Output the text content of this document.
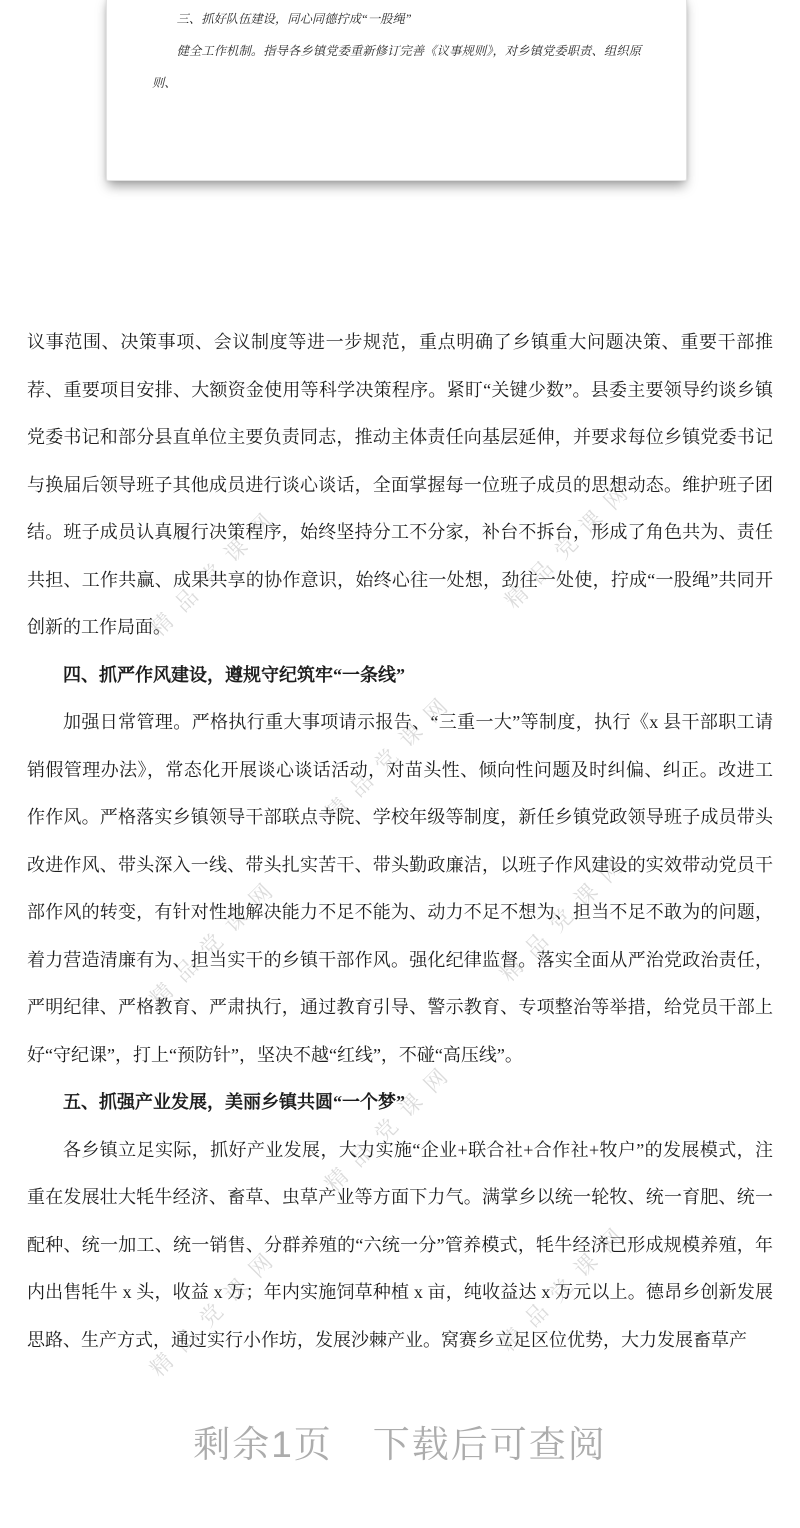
精品党课网	精品党课网
精品党课网
精品党课网	精品党课网
精品党课网
精品党课网	精品党课网

三、抓好队伍建设，同心同德拧成“一股绳”

健全工作机制。指导各乡镇党委重新修订完善《议事规则》，对乡镇党委职责、组织原则、

议事范围、决策事项、会议制度等进一步规范，重点明确了乡镇重大问题决策、重要干部推荐、重要项目安排、大额资金使用等科学决策程序。紧盯“关键少数”。县委主要领导约谈乡镇党委书记和部分县直单位主要负责同志，推动主体责任向基层延伸，并要求每位乡镇党委书记与换届后领导班子其他成员进行谈心谈话，全面掌握每一位班子成员的思想动态。维护班子团结。班子成员认真履行决策程序，始终坚持分工不分家，补台不拆台，形成了角色共为、责任共担、工作共赢、成果共享的协作意识，始终心往一处想，劲往一处使，拧成“一股绳”共同开创新的工作局面。

四、抓严作风建设，遵规守纪筑牢“一条线”

加强日常管理。严格执行重大事项请示报告、“三重一大”等制度，执行《x 县干部职工请销假管理办法》，常态化开展谈心谈话活动，对苗头性、倾向性问题及时纠偏、纠正。改进工作作风。严格落实乡镇领导干部联点寺院、学校年级等制度，新任乡镇党政领导班子成员带头改进作风、带头深入一线、带头扎实苦干、带头勤政廉洁，以班子作风建设的实效带动党员干部作风的转变，有针对性地解决能力不足不能为、动力不足不想为、担当不足不敢为的问题，着力营造清廉有为、担当实干的乡镇干部作风。强化纪律监督。落实全面从严治党政治责任，严明纪律、严格教育、严肃执行，通过教育引导、警示教育、专项整治等举措，给党员干部上好“守纪课”，打上“预防针”，坚决不越“红线”，不碰“高压线”。

五、抓强产业发展，美丽乡镇共圆“一个梦”

各乡镇立足实际，抓好产业发展，大力实施“企业+联合社+合作社+牧户”的发展模式，注重在发展壮大牦牛经济、畜草、虫草产业等方面下力气。满掌乡以统一轮牧、统一育肥、统一配种、统一加工、统一销售、分群养殖的“六统一分”管养模式，牦牛经济已形成规模养殖，年内出售牦牛 x 头，收益 x 万；年内实施饲草种植 x 亩，纯收益达 x 万元以上。德昂乡创新发展思路、生产方式，通过实行小作坊，发展沙棘产业。窝赛乡立足区位优势，大力发展畜草产

剩余1页 下载后可查阅
